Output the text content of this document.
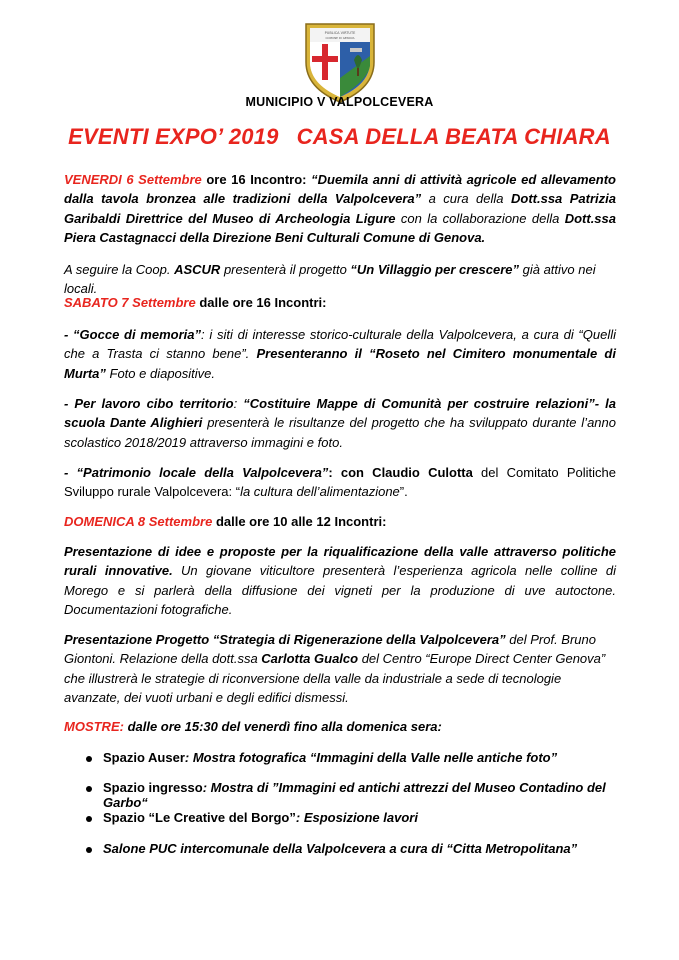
PUBLICA VIRTUTE
COMUNE DI GENOVA
MUNICIPIO V VALPOLCEVERA
EVENTI EXPO’ 2019 CASA DELLA BEATA CHIARA

VENERDI 6 Settembre ore 16 Incontro: “Duemila anni di attività agricole ed allevamento dalla tavola bronzea alle tradizioni della Valpolcevera” a cura della Dott.ssa Patrizia Garibaldi Direttrice del Museo di Archeologia Ligure con la collaborazione della Dott.ssa Piera Castagnacci della Direzione Beni Culturali Comune di Genova.

A seguire la Coop. ASCUR presenterà il progetto “Un Villaggio per crescere” già attivo nei locali.

SABATO 7 Settembre dalle ore 16 Incontri:

- “Gocce di memoria”: i siti di interesse storico-culturale della Valpolcevera, a cura di “Quelli che a Trasta ci stanno bene”. Presenteranno il “Roseto nel Cimitero monumentale di Murta” Foto e diapositive.

- Per lavoro cibo territorio: “Costituire Mappe di Comunità per costruire relazioni”- la scuola Dante Alighieri presenterà le risultanze del progetto che ha sviluppato durante l’anno scolastico 2018/2019 attraverso immagini e foto.

- “Patrimonio locale della Valpolcevera”: con Claudio Culotta del Comitato Politiche Sviluppo rurale Valpolcevera: “la cultura dell’alimentazione”.

DOMENICA 8 Settembre dalle ore 10 alle 12 Incontri:

Presentazione di idee e proposte per la riqualificazione della valle attraverso politiche rurali innovative. Un giovane viticultore presenterà l’esperienza agricola nelle colline di Morego e si parlerà della diffusione dei vigneti per la produzione di uve autoctone. Documentazioni fotografiche.

Presentazione Progetto “Strategia di Rigenerazione della Valpolcevera” del Prof. Bruno Giontoni. Relazione della dott.ssa Carlotta Gualco del Centro “Europe Direct Center Genova” che illustrerà le strategie di riconversione della valle da industriale a sede di tecnologie avanzate, dei vuoti urbani e degli edifici dismessi.

MOSTRE: dalle ore 15:30 del venerdì fino alla domenica sera:

Spazio Auser: Mostra fotografica “Immagini della Valle nelle antiche foto”
Spazio ingresso: Mostra di ”Immagini ed antichi attrezzi del Museo Contadino del Garbo“
Spazio “Le Creative del Borgo”: Esposizione lavori
Salone PUC intercomunale della Valpolcevera a cura di “Citta Metropolitana”
